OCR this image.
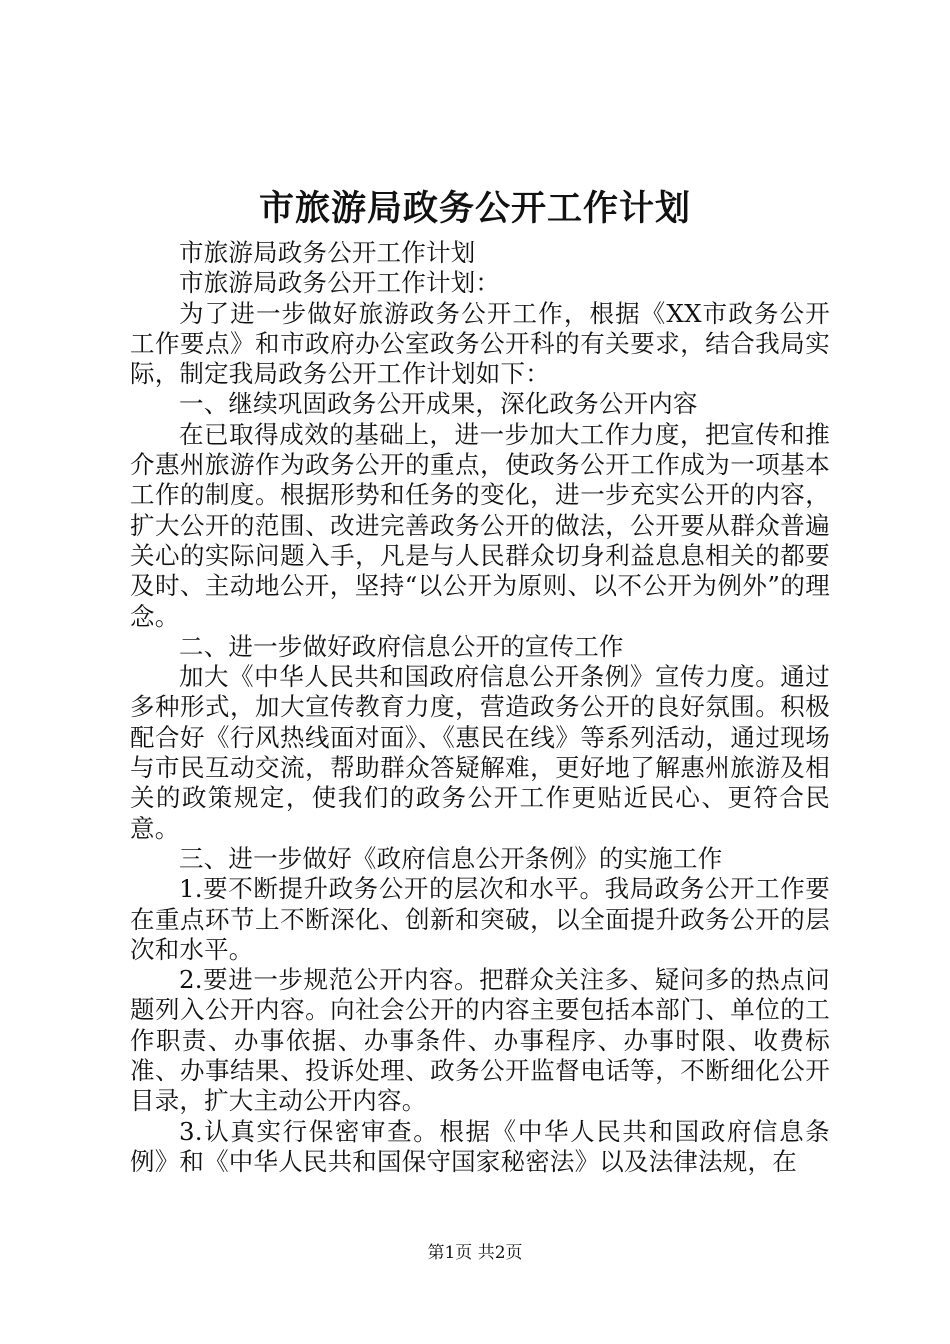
市旅游局政务公开工作计划

市旅游局政务公开工作计划

市旅游局政务公开工作计划：

为了进一步做好旅游政务公开工作，根据《XX市政务公开工作要点》和市政府办公室政务公开科的有关要求，结合我局实际，制定我局政务公开工作计划如下：

一、继续巩固政务公开成果，深化政务公开内容

在已取得成效的基础上，进一步加大工作力度，把宣传和推介惠州旅游作为政务公开的重点，使政务公开工作成为一项基本工作的制度。根据形势和任务的变化，进一步充实公开的内容，扩大公开的范围、改进完善政务公开的做法，公开要从群众普遍关心的实际问题入手，凡是与人民群众切身利益息息相关的都要及时、主动地公开，坚持“以公开为原则、以不公开为例外”的理念。

二、进一步做好政府信息公开的宣传工作

加大《中华人民共和国政府信息公开条例》宣传力度。通过多种形式，加大宣传教育力度，营造政务公开的良好氛围。积极配合好《行风热线面对面》、《惠民在线》等系列活动，通过现场与市民互动交流，帮助群众答疑解难，更好地了解惠州旅游及相关的政策规定，使我们的政务公开工作更贴近民心、更符合民意。

三、进一步做好《政府信息公开条例》的实施工作

1.要不断提升政务公开的层次和水平。我局政务公开工作要在重点环节上不断深化、创新和突破，以全面提升政务公开的层次和水平。

2.要进一步规范公开内容。把群众关注多、疑问多的热点问题列入公开内容。向社会公开的内容主要包括本部门、单位的工作职责、办事依据、办事条件、办事程序、办事时限、收费标准、办事结果、投诉处理、政务公开监督电话等，不断细化公开目录，扩大主动公开内容。

3.认真实行保密审查。根据《中华人民共和国政府信息条例》和《中华人民共和国保守国家秘密法》以及法律法规，在

第1页 共2页
